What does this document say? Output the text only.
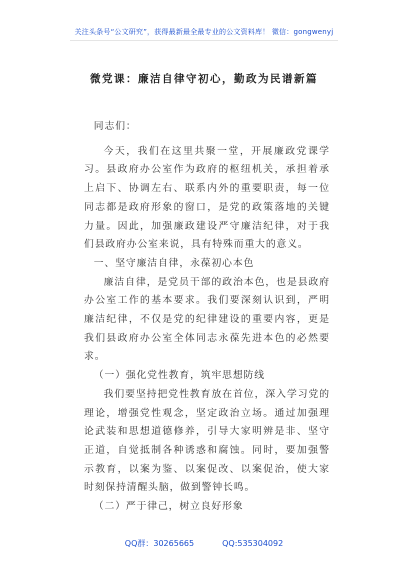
关注头条号“公文研究”，获得最新最全最专业的公文资料库！ 微信：gongwenyj
微党课：廉洁自律守初心，勤政为民谱新篇

同志们：

今天，我们在这里共聚一堂，开展廉政党课学习。县政府办公室作为政府的枢纽机关，承担着承上启下、协调左右、联系内外的重要职责，每一位同志都是政府形象的窗口，是党的政策落地的关键力量。因此，加强廉政建设严守廉洁纪律，对于我们县政府办公室来说，具有特殊而重大的意义。

一、坚守廉洁自律，永葆初心本色

廉洁自律，是党员干部的政治本色，也是县政府办公室工作的基本要求。我们要深刻认识到，严明廉洁纪律，不仅是党的纪律建设的重要内容，更是我们县政府办公室全体同志永葆先进本色的必然要求。

（一）强化党性教育，筑牢思想防线

我们要坚持把党性教育放在首位，深入学习党的理论，增强党性观念，坚定政治立场。通过加强理论武装和思想道德修养，引导大家明辨是非、坚守正道，自觉抵制各种诱惑和腐蚀。同时，要加强警示教育，以案为鉴、以案促改、以案促治，使大家时刻保持清醒头脑，做到警钟长鸣。

（二）严于律己，树立良好形象

QQ群：30265665	QQ:535304092
